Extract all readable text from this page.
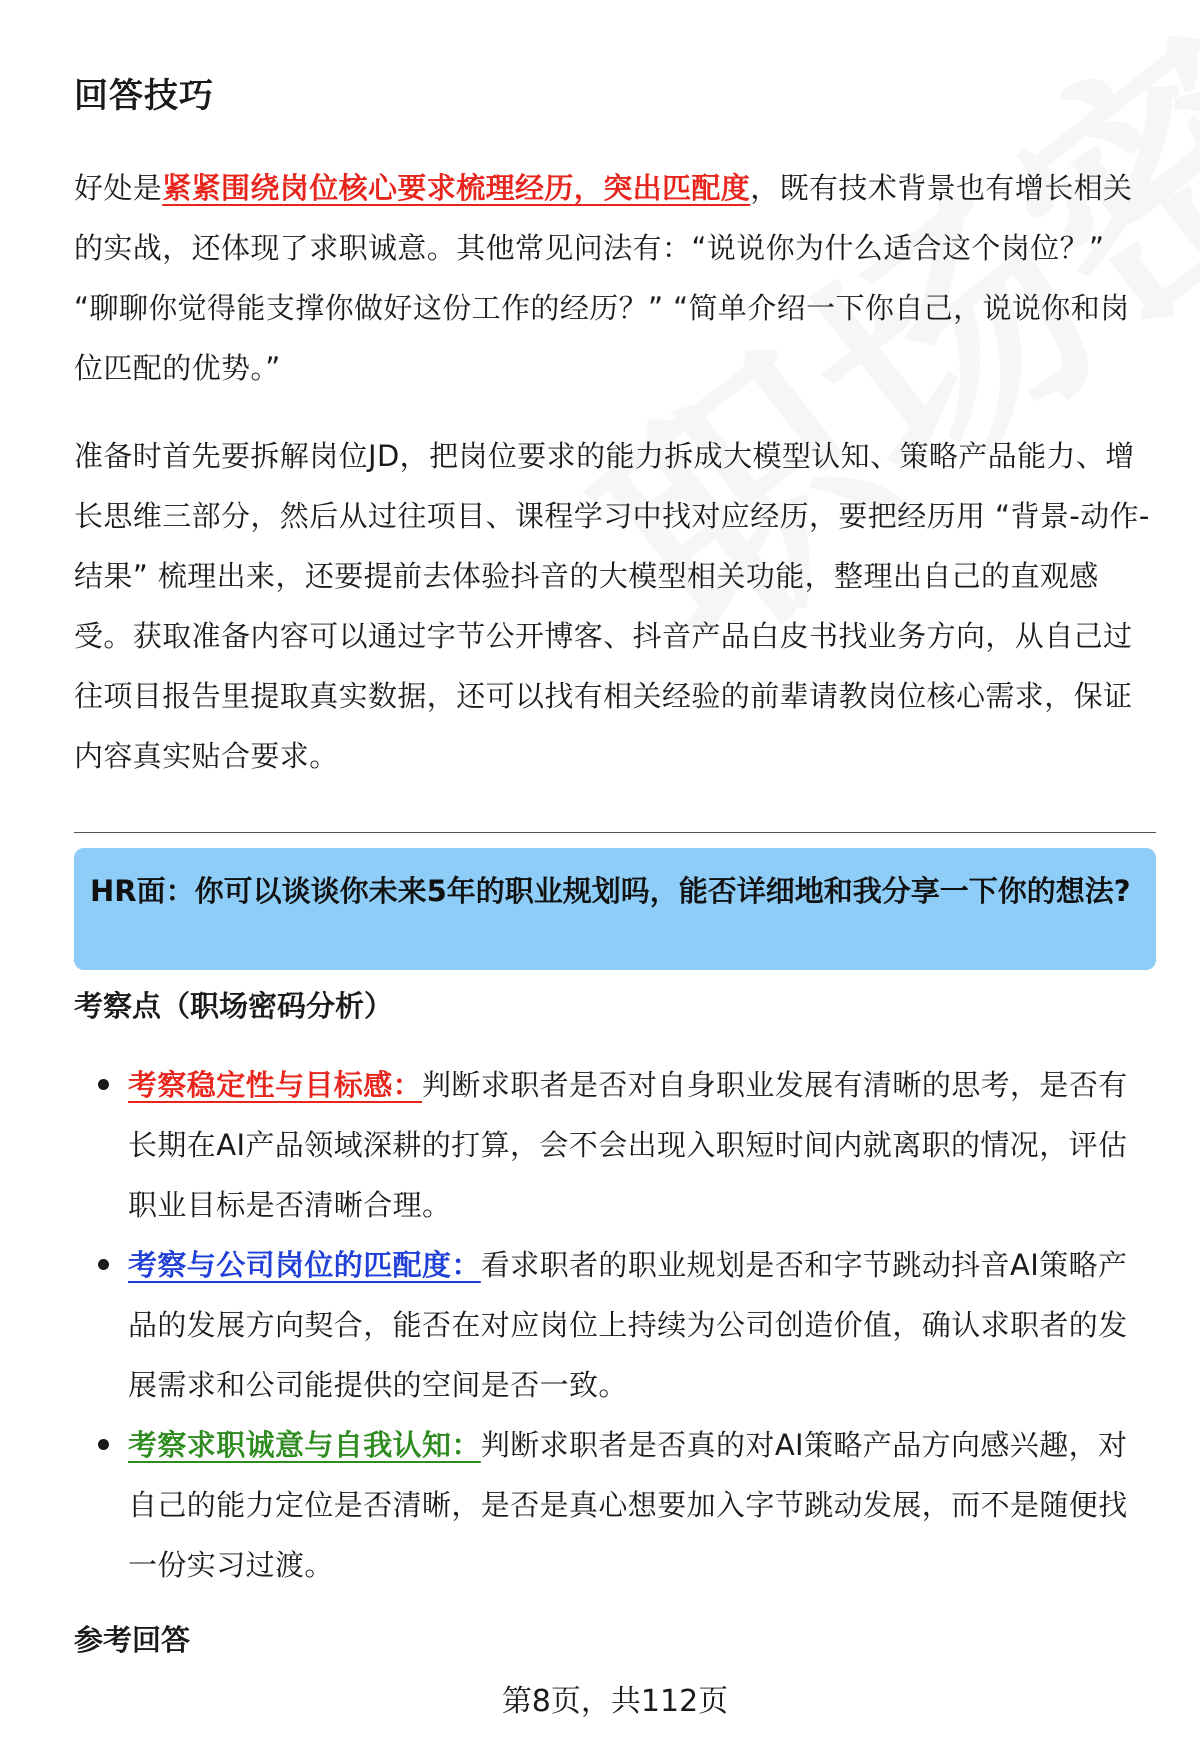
回答技巧

好处是紧紧围绕岗位核心要求梳理经历，突出匹配度，既有技术背景也有增长相关的实战，还体现了求职诚意。其他常见问法有：“说说你为什么适合这个岗位？” “聊聊你觉得能支撑你做好这份工作的经历？” “简单介绍一下你自己，说说你和岗位匹配的优势。”

准备时首先要拆解岗位JD，把岗位要求的能力拆成大模型认知、策略产品能力、增长思维三部分，然后从过往项目、课程学习中找对应经历，要把经历用 “背景-动作-结果” 梳理出来，还要提前去体验抖音的大模型相关功能，整理出自己的直观感受。获取准备内容可以通过字节公开博客、抖音产品白皮书找业务方向，从自己过往项目报告里提取真实数据，还可以找有相关经验的前辈请教岗位核心需求，保证内容真实贴合要求。

HR面：你可以谈谈你未来5年的职业规划吗，能否详细地和我分享一下你的想法?

考察点（职场密码分析）
考察稳定性与目标感：判断求职者是否对自身职业发展有清晰的思考，是否有长期在AI产品领域深耕的打算，会不会出现入职短时间内就离职的情况，评估职业目标是否清晰合理。
考察与公司岗位的匹配度：看求职者的职业规划是否和字节跳动抖音AI策略产品的发展方向契合，能否在对应岗位上持续为公司创造价值，确认求职者的发展需求和公司能提供的空间是否一致。
考察求职诚意与自我认知：判断求职者是否真的对AI策略产品方向感兴趣，对自己的能力定位是否清晰，是否是真心想要加入字节跳动发展，而不是随便找一份实习过渡。
参考回答

第8页，共112页
